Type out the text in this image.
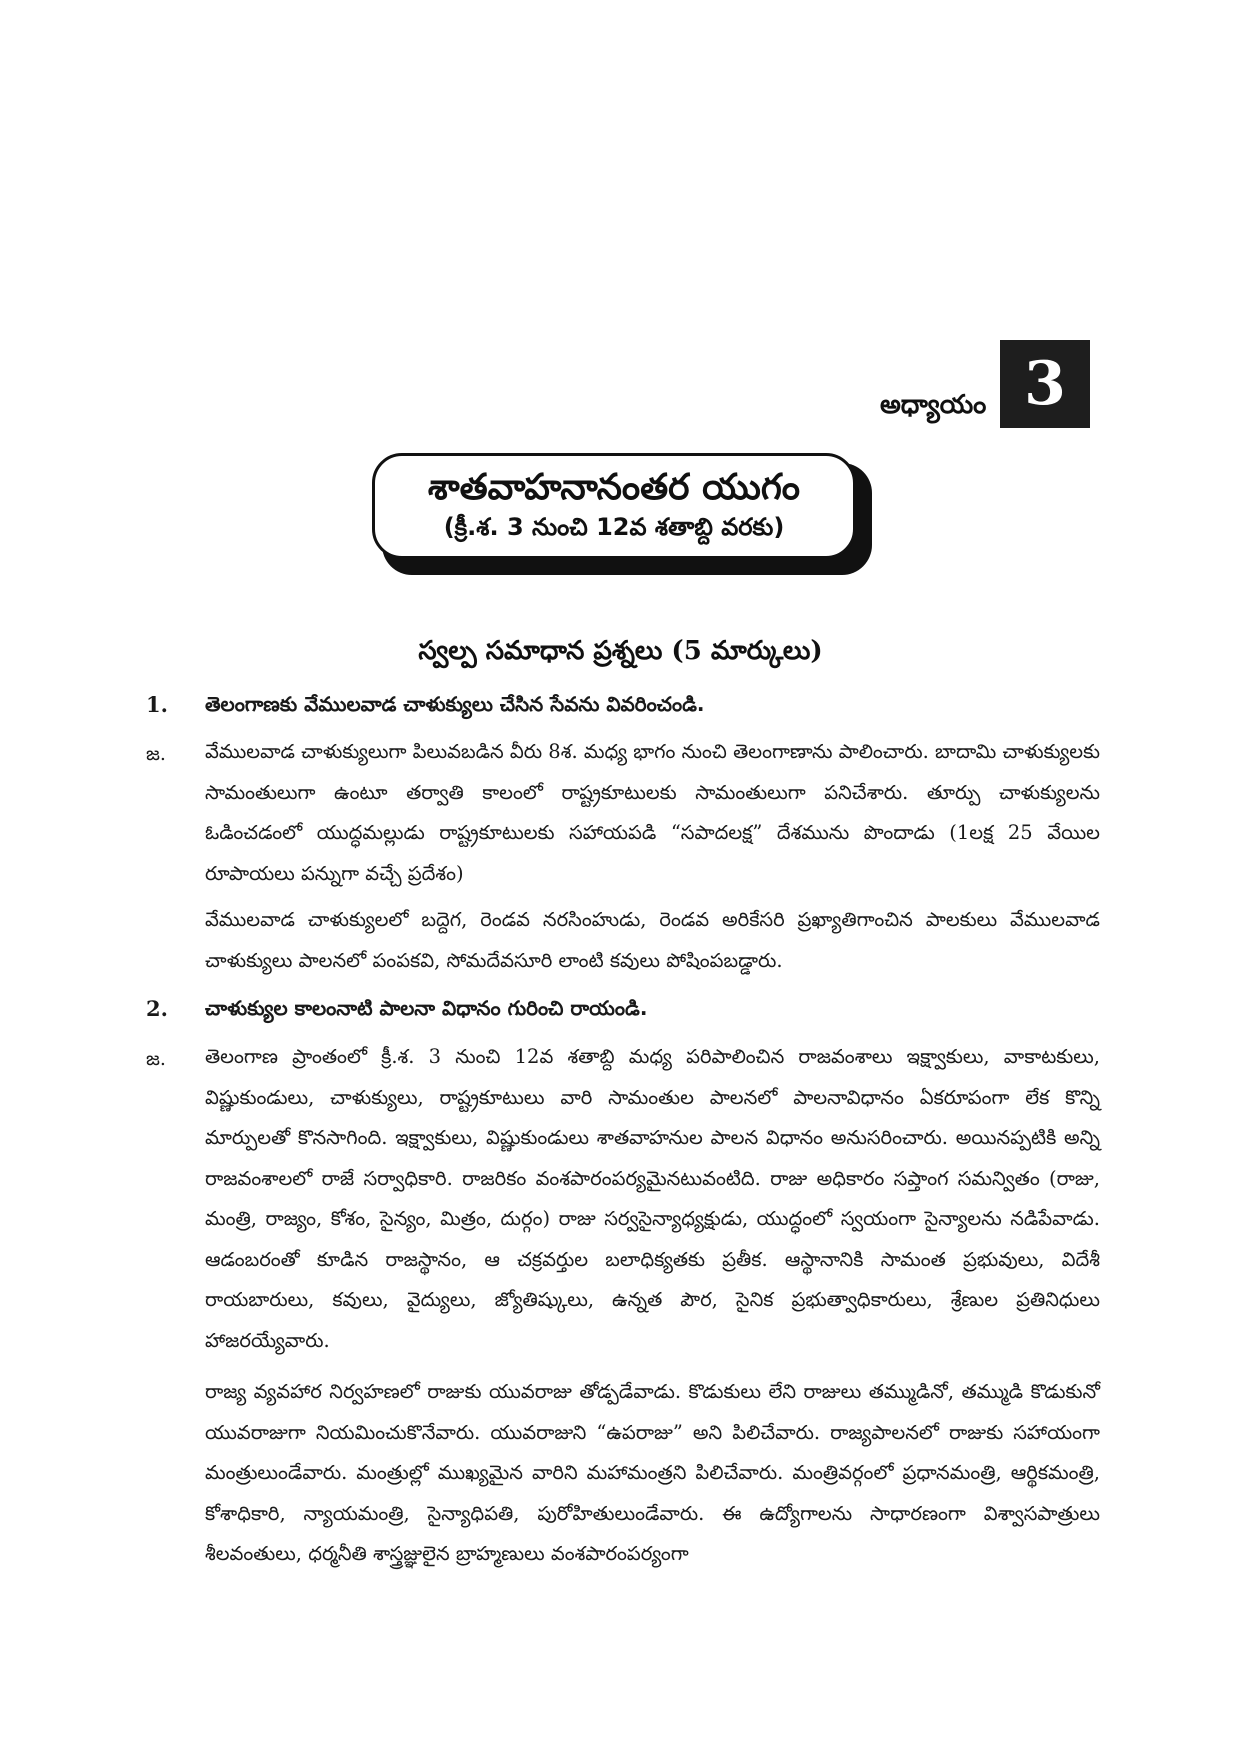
అధ్యాయం 3
శాతవాహనానంతర యుగం
(క్రీ.శ. 3 నుంచి 12వ శతాబ్ది వరకు)
స్వల్ప సమాధాన ప్రశ్నలు (5 మార్కులు)
1. తెలంగాణకు వేములవాడ చాళుక్యులు చేసిన సేవను వివరించండి.
జ. వేములవాడ చాళుక్యులుగా పిలువబడిన వీరు 8శ. మధ్య భాగం నుంచి తెలంగాణాను పాలించారు. బాదామి చాళుక్యులకు సామంతులుగా ఉంటూ తర్వాతి కాలంలో రాష్ట్రకూటులకు సామంతులుగా పనిచేశారు. తూర్పు చాళుక్యులను ఓడించడంలో యుద్ధమల్లుడు రాష్ట్రకూటులకు సహాయపడి “సపాదలక్ష” దేశమును పొందాడు (1లక్ష 25 వేయిల రూపాయలు పన్నుగా వచ్చే ప్రదేశం)
వేములవాడ చాళుక్యులలో బద్దెగ, రెండవ నరసింహుడు, రెండవ అరికేసరి ప్రఖ్యాతిగాంచిన పాలకులు వేములవాడ చాళుక్యులు పాలనలో పంపకవి, సోమదేవసూరి లాంటి కవులు పోషింపబడ్డారు.
2. చాళుక్యుల కాలంనాటి పాలనా విధానం గురించి రాయండి.
జ. తెలంగాణ ప్రాంతంలో క్రీ.శ. 3 నుంచి 12వ శతాబ్ది మధ్య పరిపాలించిన రాజవంశాలు ఇక్ష్వాకులు, వాకాటకులు, విష్ణుకుండులు, చాళుక్యులు, రాష్ట్రకూటులు వారి సామంతుల పాలనలో పాలనావిధానం ఏకరూపంగా లేక కొన్ని మార్పులతో కొనసాగింది. ఇక్ష్వాకులు, విష్ణుకుండులు శాతవాహనుల పాలన విధానం అనుసరించారు. అయినప్పటికి అన్ని రాజవంశాలలో రాజే సర్వాధికారి. రాజరికం వంశపారంపర్యమైనటువంటిది. రాజు అధికారం సప్తాంగ సమన్వితం (రాజు, మంత్రి, రాజ్యం, కోశం, సైన్యం, మిత్రం, దుర్గం) రాజు సర్వసైన్యాధ్యక్షుడు, యుద్ధంలో స్వయంగా సైన్యాలను నడిపేవాడు. ఆడంబరంతో కూడిన రాజస్థానం, ఆ చక్రవర్తుల బలాధిక్యతకు ప్రతీక. ఆస్థానానికి సామంత ప్రభువులు, విదేశీ రాయబారులు, కవులు, వైద్యులు, జ్యోతిష్కులు, ఉన్నత పౌర, సైనిక ప్రభుత్వాధికారులు, శ్రేణుల ప్రతినిధులు హాజరయ్యేవారు.
రాజ్య వ్యవహార నిర్వహణలో రాజుకు యువరాజు తోడ్పడేవాడు. కొడుకులు లేని రాజులు తమ్ముడినో, తమ్ముడి కొడుకునో యువరాజుగా నియమించుకొనేవారు. యువరాజుని “ఉపరాజు” అని పిలిచేవారు. రాజ్యపాలనలో రాజుకు సహాయంగా మంత్రులుండేవారు. మంత్రుల్లో ముఖ్యమైన వారిని మహామంత్రని పిలిచేవారు. మంత్రివర్గంలో ప్రధానమంత్రి, ఆర్థికమంత్రి, కోశాధికారి, న్యాయమంత్రి, సైన్యాధిపతి, పురోహితులుండేవారు. ఈ ఉద్యోగాలను సాధారణంగా విశ్వాసపాత్రులు శీలవంతులు, ధర్మనీతి శాస్త్రజ్ఞులైన బ్రాహ్మణులు వంశపారంపర్యంగా
